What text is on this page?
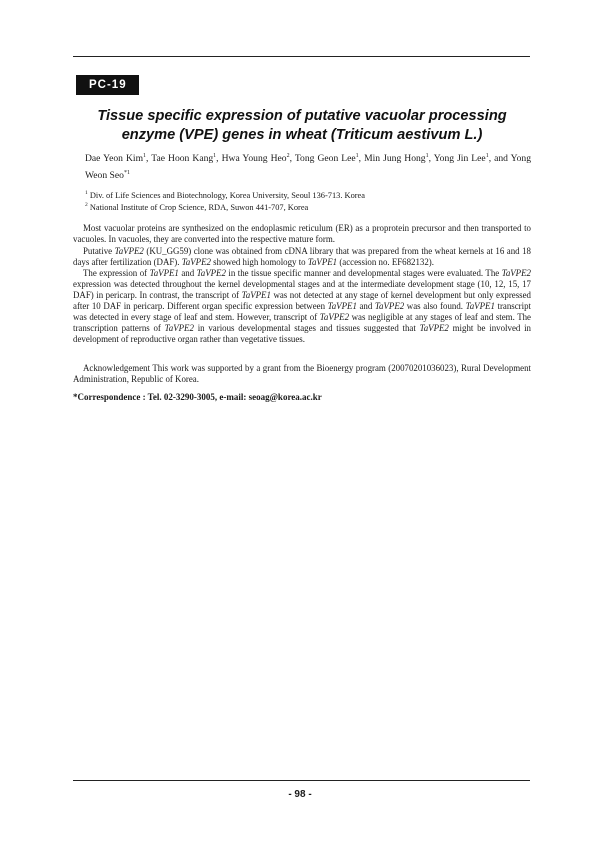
PC-19
Tissue specific expression of putative vacuolar processing
enzyme (VPE) genes in wheat (Triticum aestivum L.)
Dae Yeon Kim$^1$, Tae Hoon Kang$^1$, Hwa Young Heo$^2$, Tong Geon Lee$^1$, Min Jung Hong$^1$, Yong Jin Lee$^1$, and Yong Weon Seo$^{*1}$
$^1$ Div. of Life Sciences and Biotechnology, Korea University, Seoul 136-713. Korea
$^2$ National Institute of Crop Science, RDA, Suwon 441-707, Korea

Most vacuolar proteins are synthesized on the endoplasmic reticulum (ER) as a proprotein precursor and then transported to vacuoles. In vacuoles, they are converted into the respective mature form.

Putative TaVPE2 (KU_GG59) clone was obtained from cDNA library that was prepared from the wheat kernels at 16 and 18 days after fertilization (DAF). TaVPE2 showed high homology to TaVPE1 (accession no. EF682132).

The expression of TaVPE1 and TaVPE2 in the tissue specific manner and developmental stages were evaluated. The TaVPE2 expression was detected throughout the kernel developmental stages and at the intermediate development stage (10, 12, 15, 17 DAF) in pericarp. In contrast, the transcript of TaVPE1 was not detected at any stage of kernel development but only expressed after 10 DAF in pericarp. Different organ specific expression between TaVPE1 and TaVPE2 was also found. TaVPE1 transcript was detected in every stage of leaf and stem. However, transcript of TaVPE2 was negligible at any stages of leaf and stem. The transcription patterns of TaVPE2 in various developmental stages and tissues suggested that TaVPE2 might be involved in development of reproductive organ rather than vegetative tissues.

Acknowledgement This work was supported by a grant from the Bioenergy program (20070201036023), Rural Development Administration, Republic of Korea.

*Correspondence : Tel. 02-3290-3005, e-mail: seoag@korea.ac.kr
- 98 -
